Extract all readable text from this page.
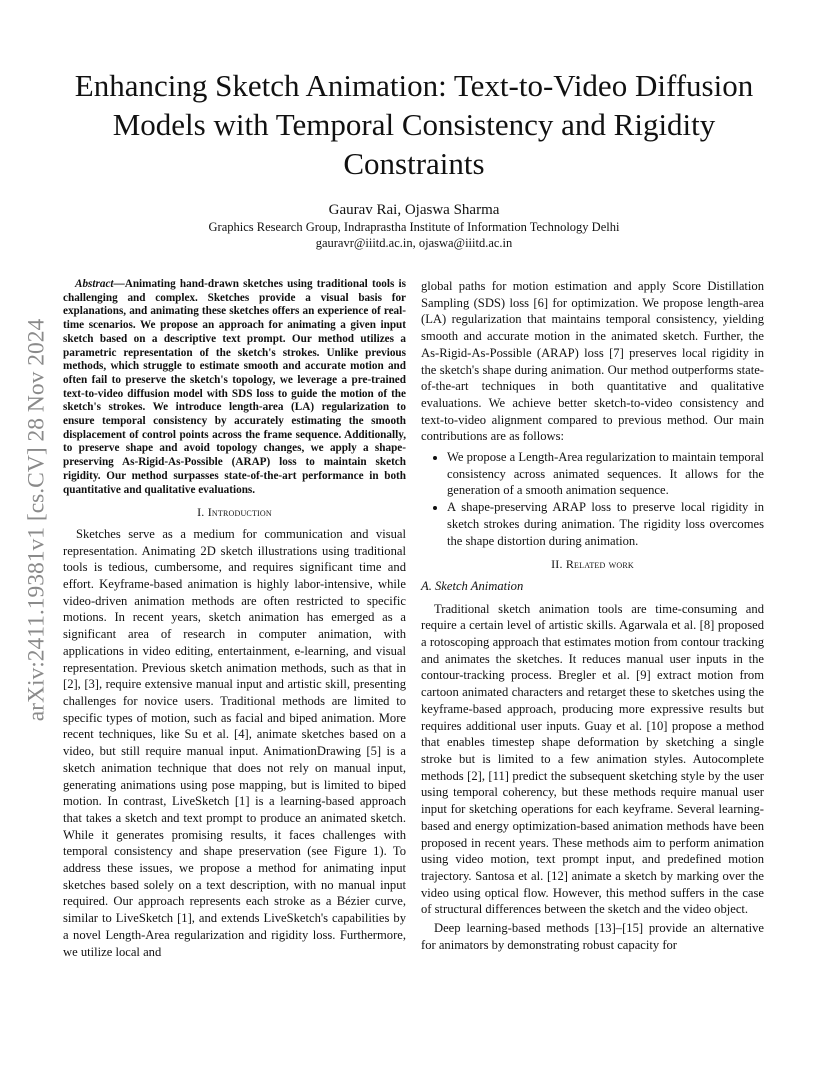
arXiv:2411.19381v1 [cs.CV] 28 Nov 2024
Enhancing Sketch Animation: Text-to-Video Diffusion Models with Temporal Consistency and Rigidity Constraints
Gaurav Rai, Ojaswa Sharma
Graphics Research Group, Indraprastha Institute of Information Technology Delhi
gauravr@iiitd.ac.in, ojaswa@iiitd.ac.in

Abstract—Animating hand-drawn sketches using traditional tools is challenging and complex. Sketches provide a visual basis for explanations, and animating these sketches offers an experience of real-time scenarios. We propose an approach for animating a given input sketch based on a descriptive text prompt. Our method utilizes a parametric representation of the sketch's strokes. Unlike previous methods, which struggle to estimate smooth and accurate motion and often fail to preserve the sketch's topology, we leverage a pre-trained text-to-video diffusion model with SDS loss to guide the motion of the sketch's strokes. We introduce length-area (LA) regularization to ensure temporal consistency by accurately estimating the smooth displacement of control points across the frame sequence. Additionally, to preserve shape and avoid topology changes, we apply a shape-preserving As-Rigid-As-Possible (ARAP) loss to maintain sketch rigidity. Our method surpasses state-of-the-art performance in both quantitative and qualitative evaluations.

I. Introduction

Sketches serve as a medium for communication and visual representation. Animating 2D sketch illustrations using traditional tools is tedious, cumbersome, and requires significant time and effort. Keyframe-based animation is highly labor-intensive, while video-driven animation methods are often restricted to specific motions. In recent years, sketch animation has emerged as a significant area of research in computer animation, with applications in video editing, entertainment, e-learning, and visual representation. Previous sketch animation methods, such as that in [2], [3], require extensive manual input and artistic skill, presenting challenges for novice users. Traditional methods are limited to specific types of motion, such as facial and biped animation. More recent techniques, like Su et al. [4], animate sketches based on a video, but still require manual input. AnimationDrawing [5] is a sketch animation technique that does not rely on manual input, generating animations using pose mapping, but is limited to biped motion. In contrast, LiveSketch [1] is a learning-based approach that takes a sketch and text prompt to produce an animated sketch. While it generates promising results, it faces challenges with temporal consistency and shape preservation (see Figure 1). To address these issues, we propose a method for animating input sketches based solely on a text description, with no manual input required. Our approach represents each stroke as a Bézier curve, similar to LiveSketch [1], and extends LiveSketch's capabilities by a novel Length-Area regularization and rigidity loss. Furthermore, we utilize local and

global paths for motion estimation and apply Score Distillation Sampling (SDS) loss [6] for optimization. We propose length-area (LA) regularization that maintains temporal consistency, yielding smooth and accurate motion in the animated sketch. Further, the As-Rigid-As-Possible (ARAP) loss [7] preserves local rigidity in the sketch's shape during animation. Our method outperforms state-of-the-art techniques in both quantitative and qualitative evaluations. We achieve better sketch-to-video consistency and text-to-video alignment compared to previous method. Our main contributions are as follows:

• We propose a Length-Area regularization to maintain temporal consistency across animated sequences. It allows for the generation of a smooth animation sequence.
• A shape-preserving ARAP loss to preserve local rigidity in sketch strokes during animation. The rigidity loss overcomes the shape distortion during animation.
II. Related work
A. Sketch Animation

Traditional sketch animation tools are time-consuming and require a certain level of artistic skills. Agarwala et al. [8] proposed a rotoscoping approach that estimates motion from contour tracking and animates the sketches. It reduces manual user inputs in the contour-tracking process. Bregler et al. [9] extract motion from cartoon animated characters and retarget these to sketches using the keyframe-based approach, producing more expressive results but requires additional user inputs. Guay et al. [10] propose a method that enables timestep shape deformation by sketching a single stroke but is limited to a few animation styles. Autocomplete methods [2], [11] predict the subsequent sketching style by the user using temporal coherency, but these methods require manual user input for sketching operations for each keyframe. Several learning-based and energy optimization-based animation methods have been proposed in recent years. These methods aim to perform animation using video motion, text prompt input, and predefined motion trajectory. Santosa et al. [12] animate a sketch by marking over the video using optical flow. However, this method suffers in the case of structural differences between the sketch and the video object.

Deep learning-based methods [13]–[15] provide an alternative for animators by demonstrating robust capacity for
